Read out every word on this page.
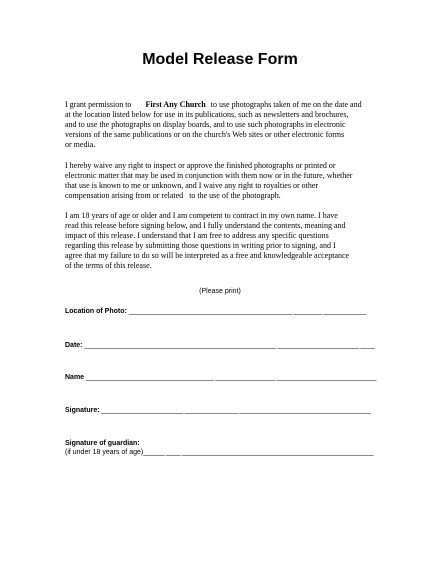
Model Release Form
I grant permission to First Any Church to use photographs taken of me on the date and
at the location listed below for use in its publications, such as newsletters and brochures,
and to use the photographs on display boards, and to use such photographs in electronic
versions of the same publications or on the church's Web sites or other electronic forms
or media.
I hereby waive any right to inspect or approve the finished photographs or printed or
electronic matter that may be used in conjunction with them now or in the future, whether
that use is known to me or unknown, and I waive any right to royalties or other
compensation arising from or related to the use of the photograph.
I am 18 years of age or older and I am competent to contract in my own name. I have
read this release before signing below, and I fully understand the contents, meaning and
impact of this release. I understand that I am free to address any specific questions
regarding this release by submitting those questions in writing prior to signing, and I
agree that my failure to do so will be interpreted as a free and knowledgeable acceptance
of the terms of this release.
(Please print)
Location of Photo: ______________________________________________ ________ ____________
Date: ______________________________________________________ _______________________ ____
Name ____________________________________ _________________ ____________________________
Signature: _______________________ _______________ _____________________________________
Signature of guardian:
(if under 18 years of age)______ ____ ______________________________________________________
